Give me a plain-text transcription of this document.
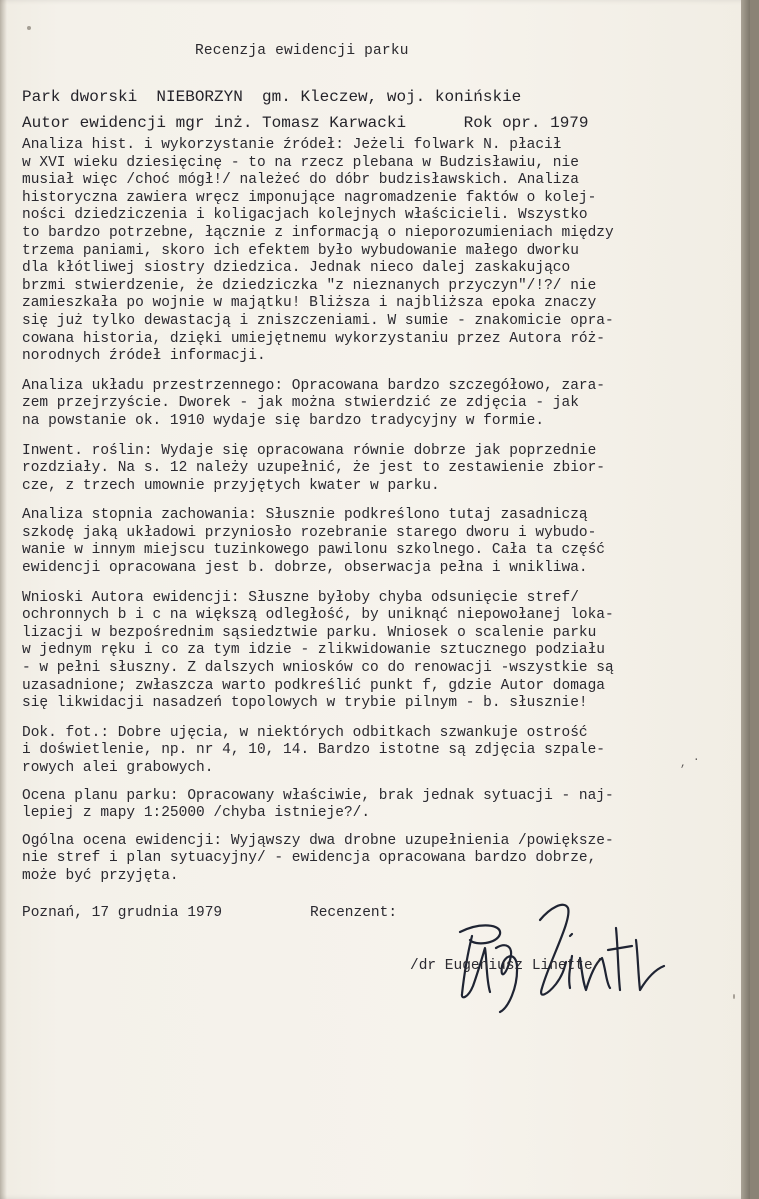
Recenzja ewidencji parku
Park dworski  NIEBORZYN  gm. Kleczew, woj. konińskie
Autor ewidencji mgr inż. Tomasz Karwacki      Rok opr. 1979
Analiza hist. i wykorzystanie źródeł: Jeżeli folwark N. płacił
w XVI wieku dziesięcinę - to na rzecz plebana w Budzisławiu, nie
musiał więc /choć mógł!/ należeć do dóbr budzisławskich. Analiza
historyczna zawiera wręcz imponujące nagromadzenie faktów o kolej-
ności dziedziczenia i koligacjach kolejnych właścicieli. Wszystko
to bardzo potrzebne, łącznie z informacją o nieporozumieniach między
trzema paniami, skoro ich efektem było wybudowanie małego dworku
dla kłótliwej siostry dziedzica. Jednak nieco dalej zaskakująco
brzmi stwierdzenie, że dziedziczka "z nieznanych przyczyn"/!?/ nie
zamieszkała po wojnie w majątku! Bliższa i najbliższa epoka znaczy
się już tylko dewastacją i zniszczeniami. W sumie - znakomicie opra-
cowana historia, dzięki umiejętnemu wykorzystaniu przez Autora róż-
norodnych źródeł informacji.
Analiza układu przestrzennego: Opracowana bardzo szczegółowo, zara-
zem przejrzyście. Dworek - jak można stwierdzić ze zdjęcia - jak
na powstanie ok. 1910 wydaje się bardzo tradycyjny w formie.
Inwent. roślin: Wydaje się opracowana równie dobrze jak poprzednie
rozdziały. Na s. 12 należy uzupełnić, że jest to zestawienie zbior-
cze, z trzech umownie przyjętych kwater w parku.
Analiza stopnia zachowania: Słusznie podkreślono tutaj zasadniczą
szkodę jaką układowi przyniosło rozebranie starego dworu i wybudo-
wanie w innym miejscu tuzinkowego pawilonu szkolnego. Cała ta część
ewidencji opracowana jest b. dobrze, obserwacja pełna i wnikliwa.
Wnioski Autora ewidencji: Słuszne byłoby chyba odsunięcie stref/
ochronnych b i c na większą odległość, by uniknąć niepowołanej loka-
lizacji w bezpośrednim sąsiedztwie parku. Wniosek o scalenie parku
w jednym ręku i co za tym idzie - zlikwidowanie sztucznego podziału
- w pełni słuszny. Z dalszych wniosków co do renowacji -wszystkie są
uzasadnione; zwłaszcza warto podkreślić punkt f, gdzie Autor domaga
się likwidacji nasadzeń topolowych w trybie pilnym - b. słusznie!
Dok. fot.: Dobre ujęcia, w niektórych odbitkach szwankuje ostrość
i doświetlenie, np. nr 4, 10, 14. Bardzo istotne są zdjęcia szpale-
rowych alei grabowych.
Ocena planu parku: Opracowany właściwie, brak jednak sytuacji - naj-
lepiej z mapy 1:25000 /chyba istnieje?/.
Ogólna ocena ewidencji: Wyjąwszy dwa drobne uzupełnienia /powiększe-
nie stref i plan sytuacyjny/ - ewidencja opracowana bardzo dobrze,
może być przyjęta.
Poznań, 17 grudnia 1979	Recenzent:
/dr Eugeniusz Linette/
, .
